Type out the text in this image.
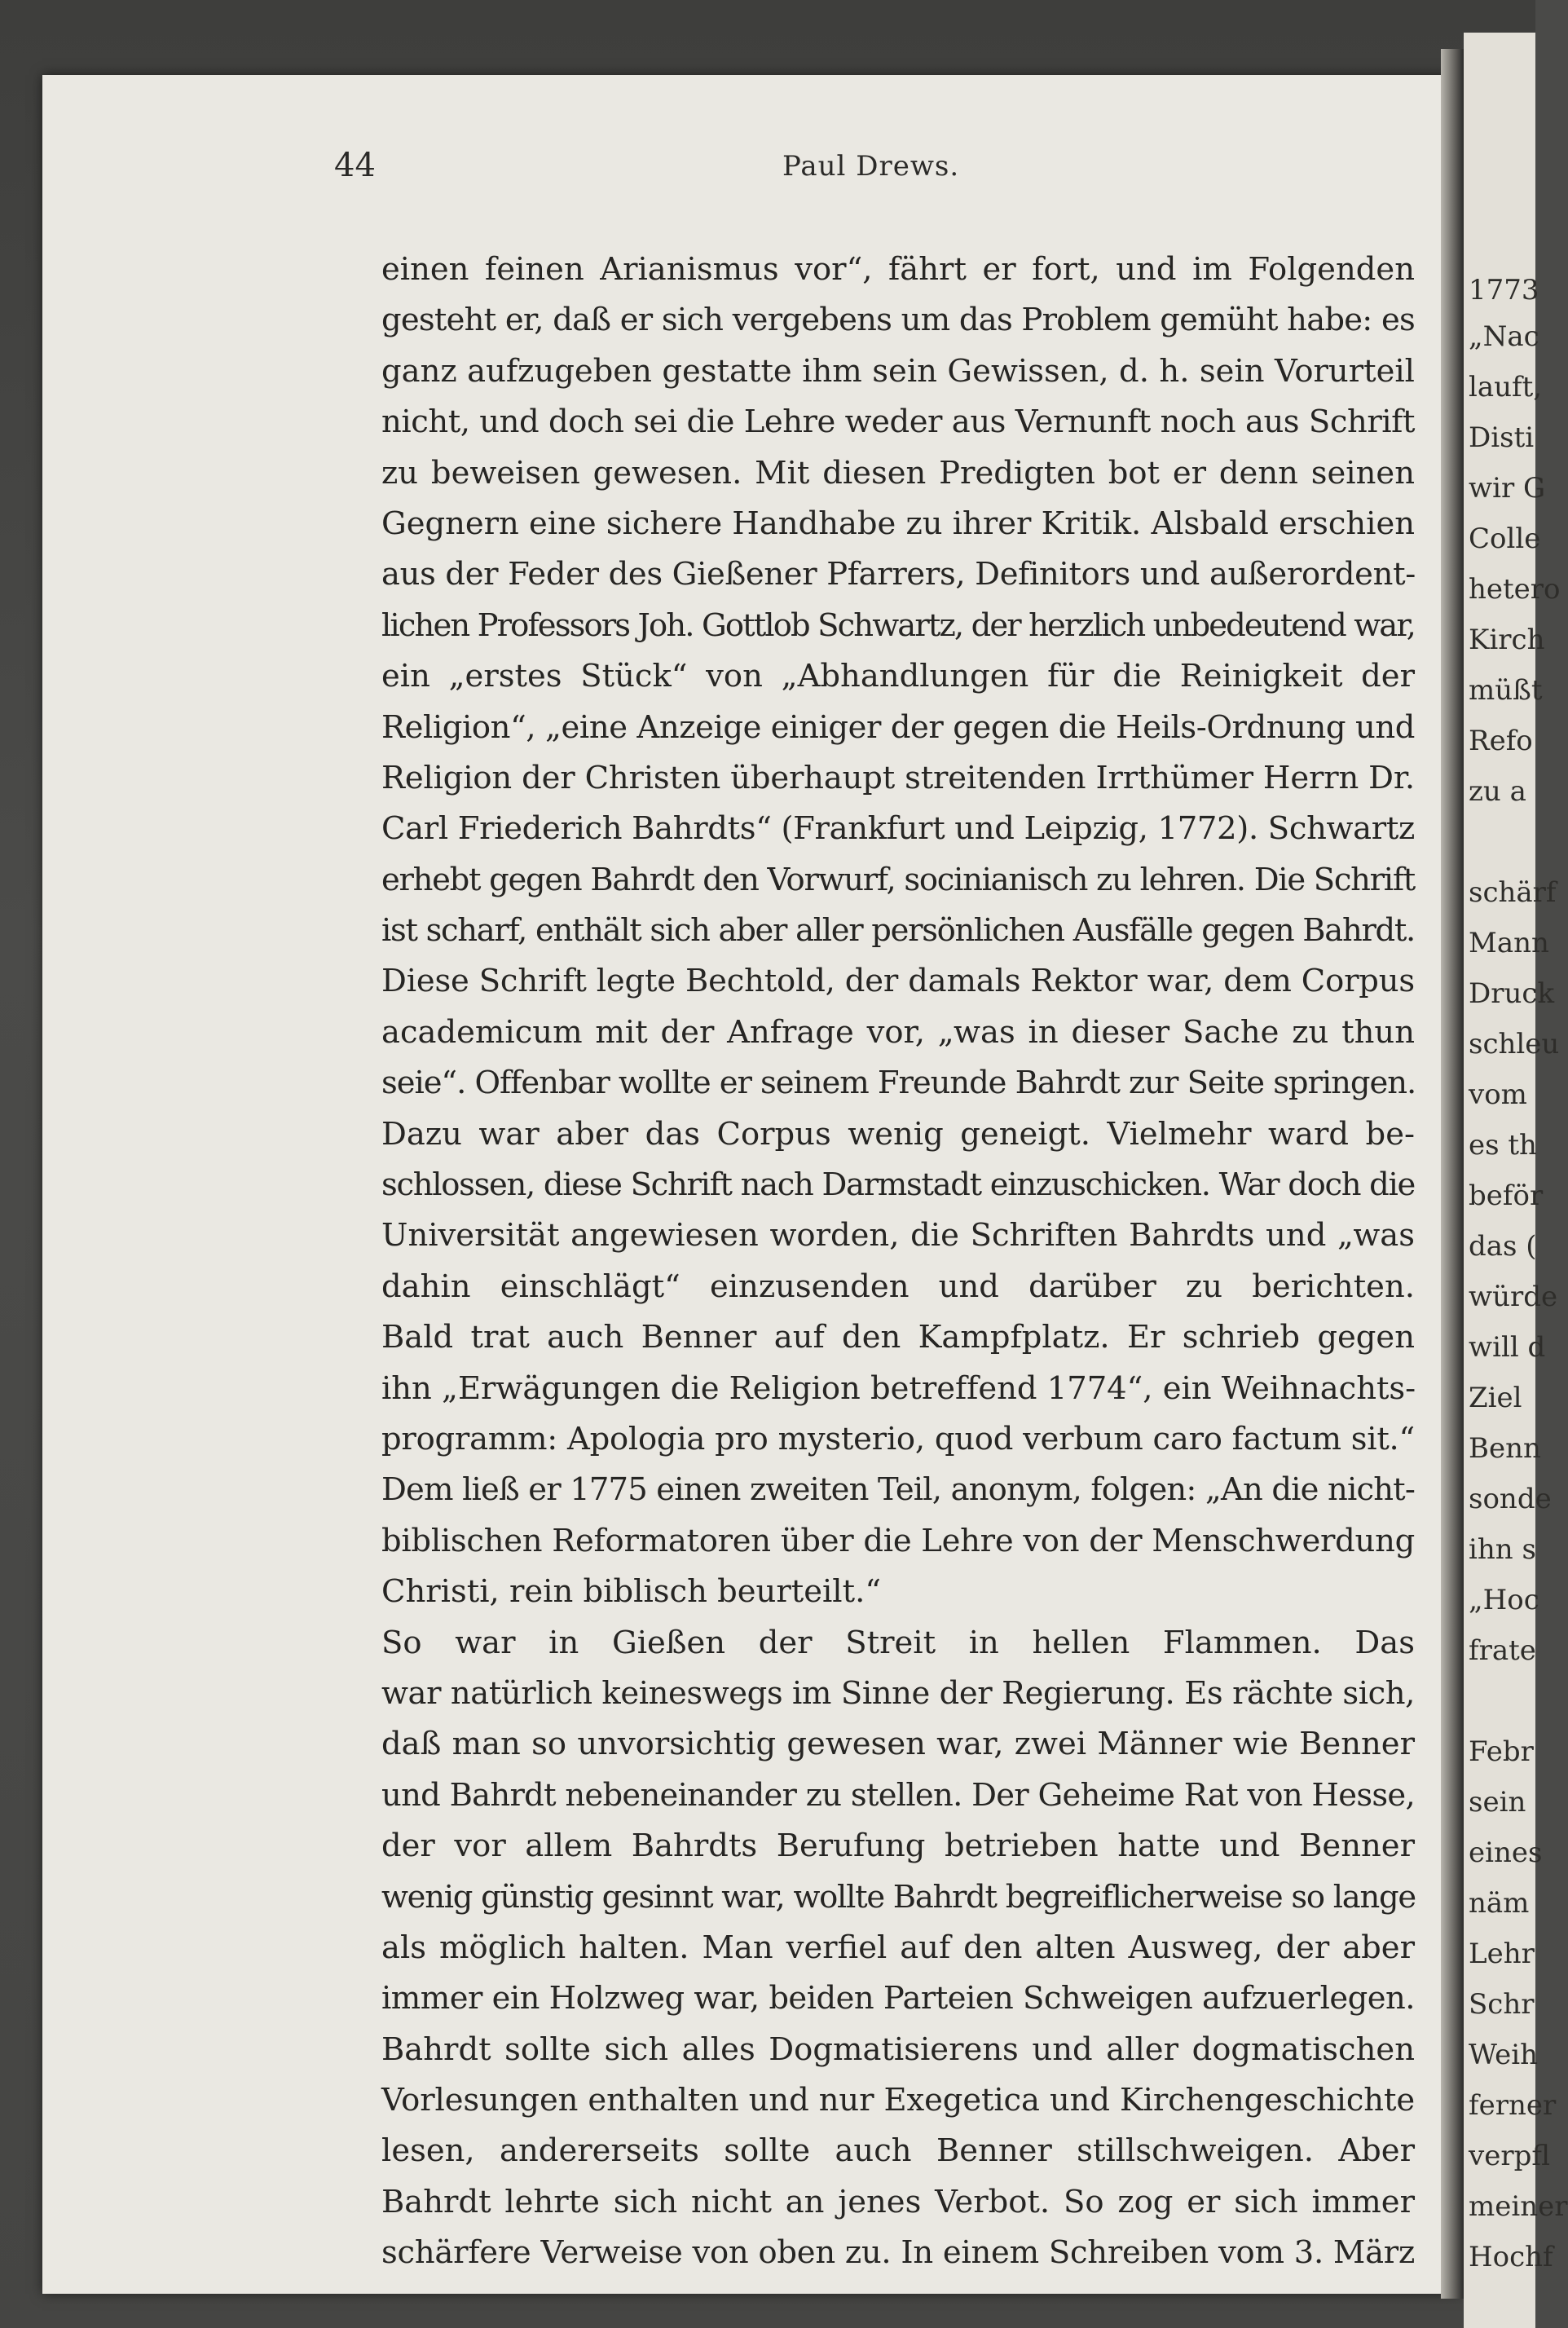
44	Paul Drews.
einen feinen Arianismus vor“, fährt er fort, und im Folgenden
gesteht er, daß er sich vergebens um das Problem gemüht habe: es
ganz aufzugeben gestatte ihm sein Gewissen, d. h. sein Vorurteil
nicht, und doch sei die Lehre weder aus Vernunft noch aus Schrift
zu beweisen gewesen. Mit diesen Predigten bot er denn seinen
Gegnern eine sichere Handhabe zu ihrer Kritik. Alsbald erschien
aus der Feder des Gießener Pfarrers, Definitors und außerordent-
lichen Professors Joh. Gottlob Schwartz, der herzlich unbedeutend war,
ein „erstes Stück“ von „Abhandlungen für die Reinigkeit der
Religion“, „eine Anzeige einiger der gegen die Heils-Ordnung und
Religion der Christen überhaupt streitenden Irrthümer Herrn Dr.
Carl Friederich Bahrdts“ (Frankfurt und Leipzig, 1772). Schwartz
erhebt gegen Bahrdt den Vorwurf, socinianisch zu lehren. Die Schrift
ist scharf, enthält sich aber aller persönlichen Ausfälle gegen Bahrdt.
Diese Schrift legte Bechtold, der damals Rektor war, dem Corpus
academicum mit der Anfrage vor, „was in dieser Sache zu thun
seie“. Offenbar wollte er seinem Freunde Bahrdt zur Seite springen.
Dazu war aber das Corpus wenig geneigt. Vielmehr ward be-
schlossen, diese Schrift nach Darmstadt einzuschicken. War doch die
Universität angewiesen worden, die Schriften Bahrdts und „was
dahin einschlägt“ einzusenden und darüber zu berichten.
Bald trat auch Benner auf den Kampfplatz. Er schrieb gegen
ihn „Erwägungen die Religion betreffend 1774“, ein Weihnachts-
programm: Apologia pro mysterio, quod verbum caro factum sit.“
Dem ließ er 1775 einen zweiten Teil, anonym, folgen: „An die nicht-
biblischen Reformatoren über die Lehre von der Menschwerdung
Christi, rein biblisch beurteilt.“
So war in Gießen der Streit in hellen Flammen. Das
war natürlich keineswegs im Sinne der Regierung. Es rächte sich,
daß man so unvorsichtig gewesen war, zwei Männer wie Benner
und Bahrdt nebeneinander zu stellen. Der Geheime Rat von Hesse,
der vor allem Bahrdts Berufung betrieben hatte und Benner
wenig günstig gesinnt war, wollte Bahrdt begreiflicherweise so lange
als möglich halten. Man verfiel auf den alten Ausweg, der aber
immer ein Holzweg war, beiden Parteien Schweigen aufzuerlegen.
Bahrdt sollte sich alles Dogmatisierens und aller dogmatischen
Vorlesungen enthalten und nur Exegetica und Kirchengeschichte
lesen, andererseits sollte auch Benner stillschweigen. Aber
Bahrdt lehrte sich nicht an jenes Verbot. So zog er sich immer
schärfere Verweise von oben zu. In einem Schreiben vom 3. März
1773
„Nac
lauft,
Disti
wir G
Colle
hetero
Kirch
müßt
Refo
zu a
schärf
Mann
Druck
schleu
vom
es th
beför
das (
würde
will d
Ziel
Benn
sonde
ihn s
„Hoc
frate
Febr
sein
eines
näm
Lehr
Schr
Weih
ferner
verpfl
meiner
Hochf
